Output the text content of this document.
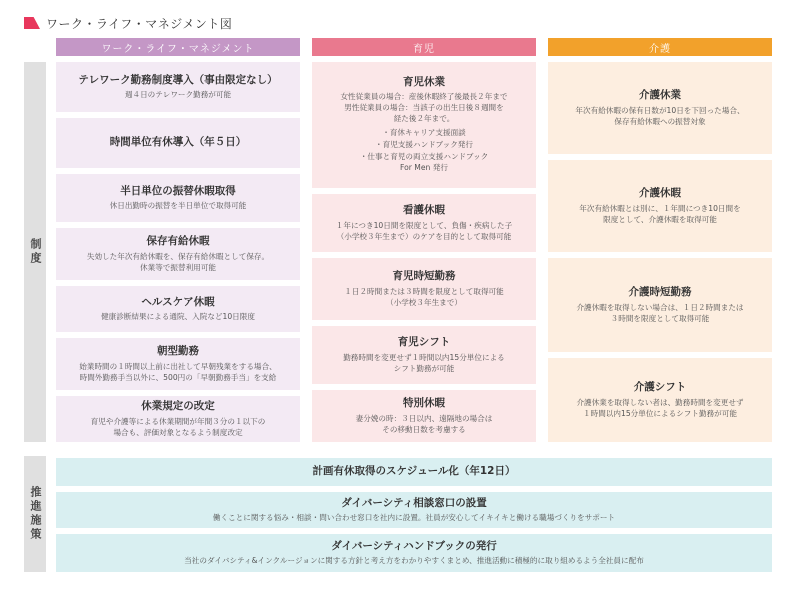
ワーク・ライフ・マネジメント図
ワーク・ライフ・マネジメント	育児	介護
制度
推進施策
テレワーク勤務制度導入（事由限定なし）
週４日のテレワーク勤務が可能
時間単位有休導入（年５日）
半日単位の振替休暇取得
休日出勤時の振替を半日単位で取得可能
保存有給休暇
失効した年次有給休暇を、保存有給休暇として保存。
休業等で振替利用可能
ヘルスケア休暇
健康診断結果による通院、入院など10日限度
朝型勤務
始業時間の１時間以上前に出社して早朝残業をする場合、
時間外勤務手当以外に、500円の「早朝勤務手当」を支給
休業規定の改定
育児や介護等による休業期間が年間３分の１以下の
場合も、評価対象となるよう制度改定
育児休業
女性従業員の場合：産後休暇終了後最長２年まで
男性従業員の場合：当該子の出生日後８週間を
経た後２年まで。
・育休キャリア支援面談
・育児支援ハンドブック発行
・仕事と育児の両立支援ハンドブック
For Men 発行
看護休暇
１年につき10日間を限度として、負傷・疾病した子
（小学校３年生まで）のケアを目的として取得可能
育児時短勤務
１日２時間または３時間を限度として取得可能
（小学校３年生まで）
育児シフト
勤務時間を変更せず１時間以内15分単位による
シフト勤務が可能
特別休暇
妻分娩の時：３日以内、遠隔地の場合は
その移動日数を考慮する
介護休業
年次有給休暇の保有日数が10日を下回った場合、
保存有給休暇への振替対象
介護休暇
年次有給休暇とは別に、１年間につき10日間を
限度として、介護休暇を取得可能
介護時短勤務
介護休暇を取得しない場合は、１日２時間または
３時間を限度として取得可能
介護シフト
介護休業を取得しない者は、勤務時間を変更せず
１時間以内15分単位によるシフト勤務が可能
計画有休取得のスケジュール化（年12日）
ダイバーシティ相談窓口の設置
働くことに関する悩み・相談・問い合わせ窓口を社内に設置。社員が安心してイキイキと働ける職場づくりをサポート
ダイバーシティハンドブックの発行
当社のダイバシティ&インクルージョンに関する方針と考え方をわかりやすくまとめ、推進活動に積極的に取り組めるよう全社員に配布
